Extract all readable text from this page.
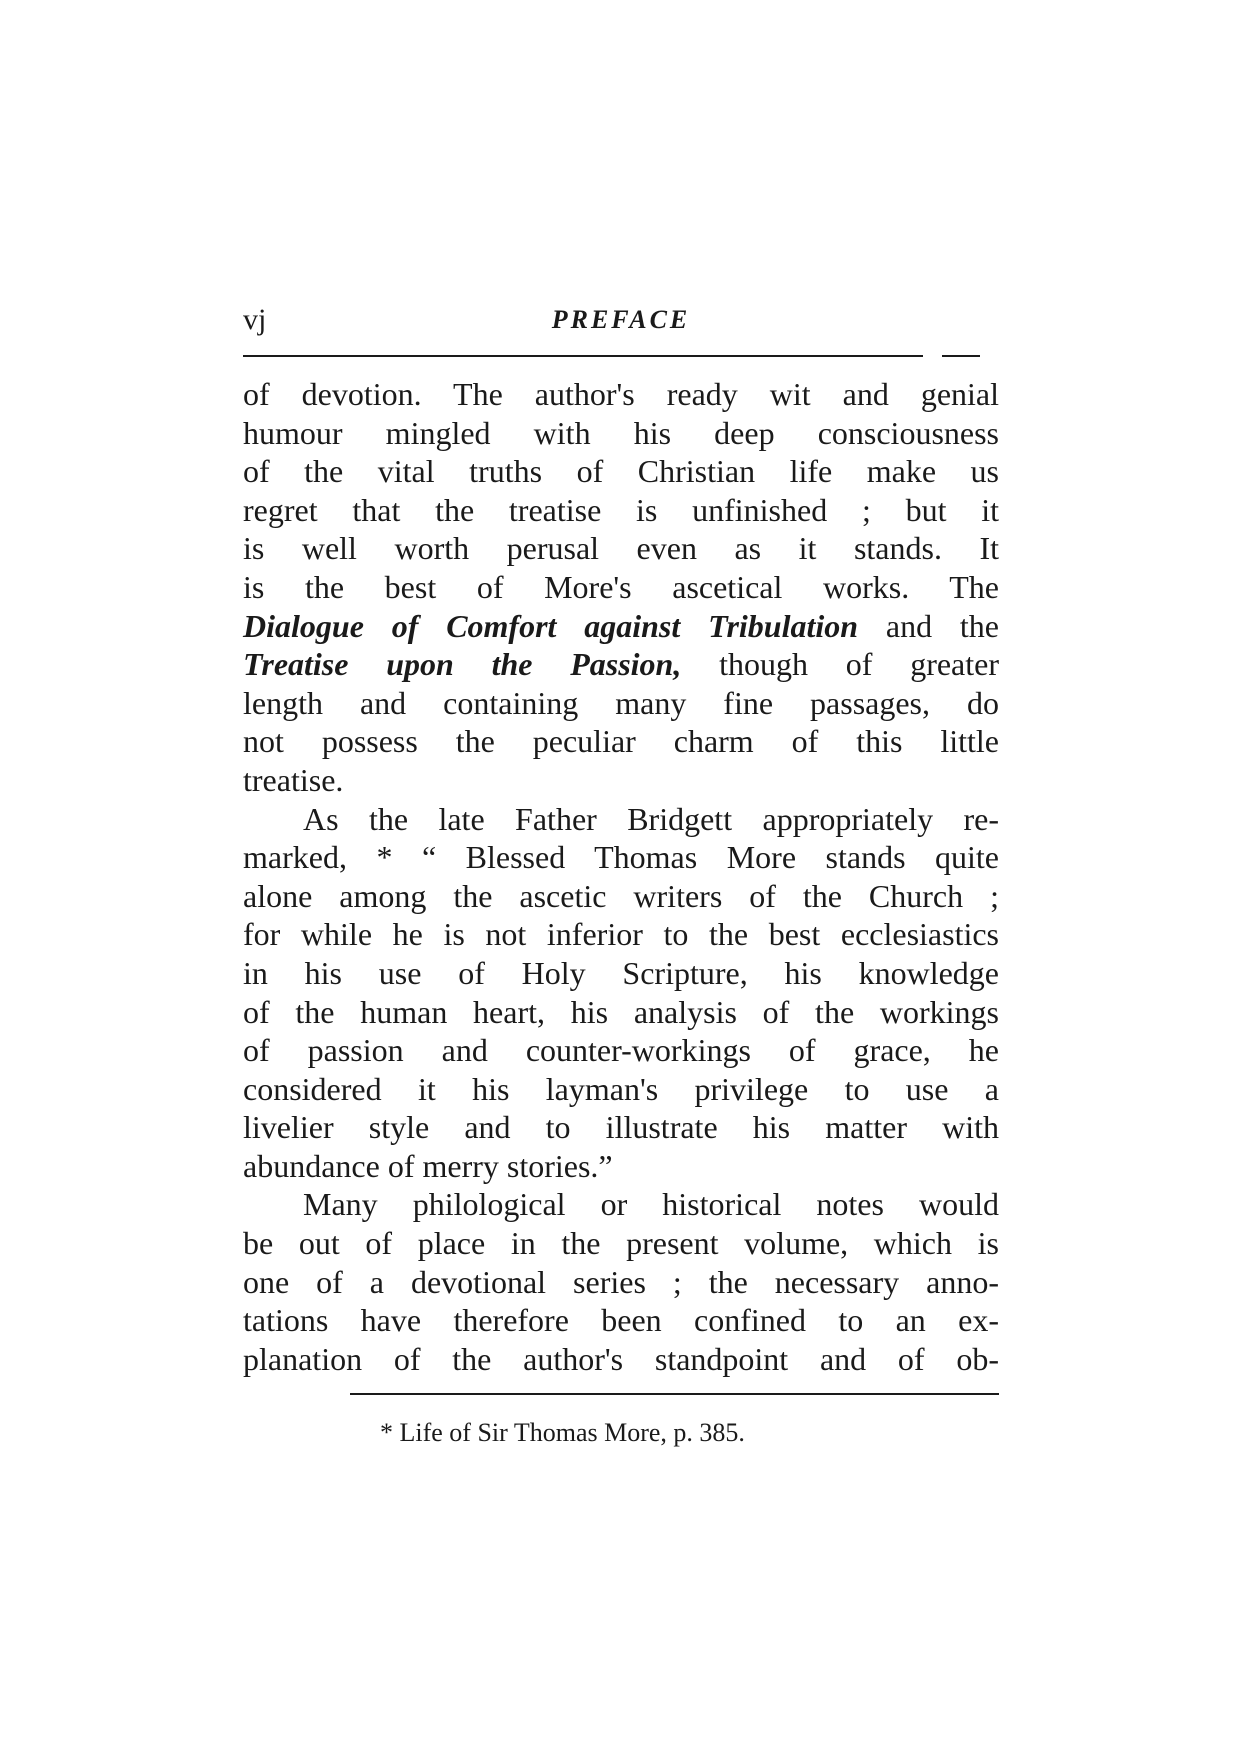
vj	PREFACE
of devotion. The author's ready wit and genial
humour mingled with his deep consciousness
of the vital truths of Christian life make us
regret that the treatise is unfinished ; but it
is well worth perusal even as it stands. It
is the best of More's ascetical works. The
Dialogue of Comfort against Tribulation and the
Treatise upon the Passion, though of greater
length and containing many fine passages, do
not possess the peculiar charm of this little
treatise.
As the late Father Bridgett appropriately re-
marked, * “ Blessed Thomas More stands quite
alone among the ascetic writers of the Church ;
for while he is not inferior to the best ecclesiastics
in his use of Holy Scripture, his knowledge
of the human heart, his analysis of the workings
of passion and counter-workings of grace, he
considered it his layman's privilege to use a
livelier style and to illustrate his matter with
abundance of merry stories.”
Many philological or historical notes would
be out of place in the present volume, which is
one of a devotional series ; the necessary anno-
tations have therefore been confined to an ex-
planation of the author's standpoint and of ob-
* Life of Sir Thomas More, p. 385.
